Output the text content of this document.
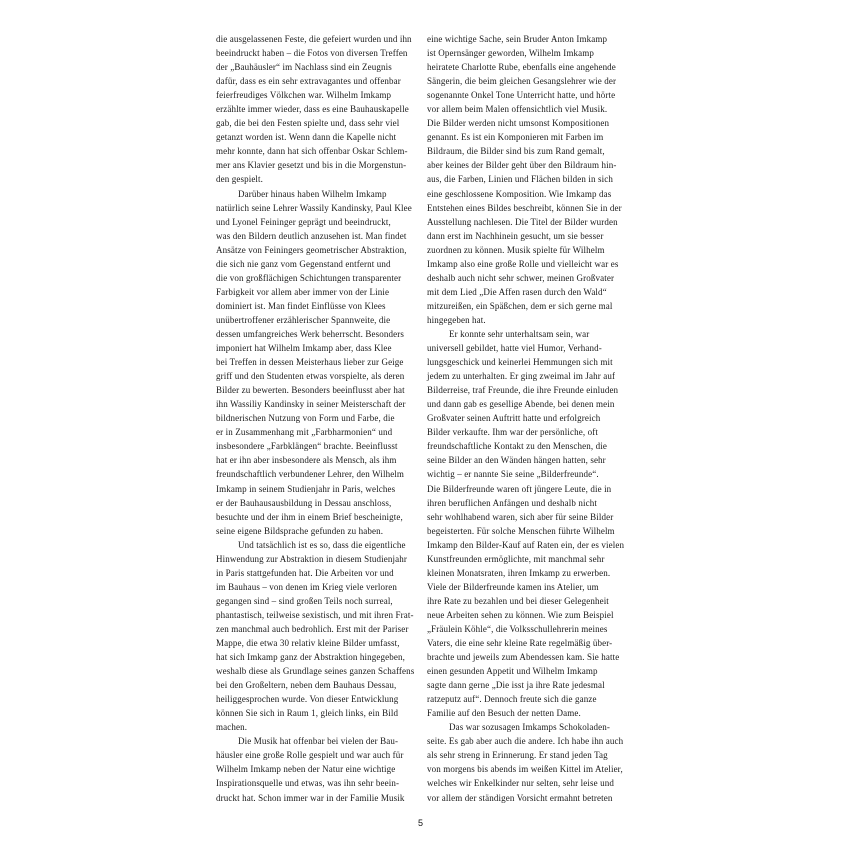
die ausgelassenen Feste, die gefeiert wurden und ihn
beeindruckt haben – die Fotos von diversen Treffen
der „Bauhäusler“ im Nachlass sind ein Zeugnis
dafür, dass es ein sehr extravagantes und offenbar
feierfreudiges Völkchen war. Wilhelm Imkamp
erzählte immer wieder, dass es eine Bauhauskapelle
gab, die bei den Festen spielte und, dass sehr viel
getanzt worden ist. Wenn dann die Kapelle nicht
mehr konnte, dann hat sich offenbar Oskar Schlem-
mer ans Klavier gesetzt und bis in die Morgenstun-
den gespielt.
Darüber hinaus haben Wilhelm Imkamp
natürlich seine Lehrer Wassily Kandinsky, Paul Klee
und Lyonel Feininger geprägt und beeindruckt,
was den Bildern deutlich anzusehen ist. Man findet
Ansätze von Feiningers geometrischer Abstraktion,
die sich nie ganz vom Gegenstand entfernt und
die von großflächigen Schichtungen transparenter
Farbigkeit vor allem aber immer von der Linie
dominiert ist. Man findet Einflüsse von Klees
unübertroffener erzählerischer Spannweite, die
dessen umfangreiches Werk beherrscht. Besonders
imponiert hat Wilhelm Imkamp aber, dass Klee
bei Treffen in dessen Meisterhaus lieber zur Geige
griff und den Studenten etwas vorspielte, als deren
Bilder zu bewerten. Besonders beeinflusst aber hat
ihn Wassiliy Kandinsky in seiner Meisterschaft der
bildnerischen Nutzung von Form und Farbe, die
er in Zusammenhang mit „Farbharmonien“ und
insbesondere „Farbklängen“ brachte. Beeinflusst
hat er ihn aber insbesondere als Mensch, als ihm
freundschaftlich verbundener Lehrer, den Wilhelm
Imkamp in seinem Studienjahr in Paris, welches
er der Bauhausausbildung in Dessau anschloss,
besuchte und der ihm in einem Brief bescheinigte,
seine eigene Bildsprache gefunden zu haben.
Und tatsächlich ist es so, dass die eigentliche
Hinwendung zur Abstraktion in diesem Studienjahr
in Paris stattgefunden hat. Die Arbeiten vor und
im Bauhaus – von denen im Krieg viele verloren
gegangen sind – sind großen Teils noch surreal,
phantastisch, teilweise sexistisch, und mit ihren Frat-
zen manchmal auch bedrohlich. Erst mit der Pariser
Mappe, die etwa 30 relativ kleine Bilder umfasst,
hat sich Imkamp ganz der Abstraktion hingegeben,
weshalb diese als Grundlage seines ganzen Schaffens
bei den Großeltern, neben dem Bauhaus Dessau,
heiliggesprochen wurde. Von dieser Entwicklung
können Sie sich in Raum 1, gleich links, ein Bild
machen.
Die Musik hat offenbar bei vielen der Bau-
häusler eine große Rolle gespielt und war auch für
Wilhelm Imkamp neben der Natur eine wichtige
Inspirationsquelle und etwas, was ihn sehr beein-
druckt hat. Schon immer war in der Familie Musik
eine wichtige Sache, sein Bruder Anton Imkamp
ist Opernsänger geworden, Wilhelm Imkamp
heiratete Charlotte Rube, ebenfalls eine angehende
Sängerin, die beim gleichen Gesangslehrer wie der
sogenannte Onkel Tone Unterricht hatte, und hörte
vor allem beim Malen offensichtlich viel Musik.
Die Bilder werden nicht umsonst Kompositionen
genannt. Es ist ein Komponieren mit Farben im
Bildraum, die Bilder sind bis zum Rand gemalt,
aber keines der Bilder geht über den Bildraum hin-
aus, die Farben, Linien und Flächen bilden in sich
eine geschlossene Komposition. Wie Imkamp das
Entstehen eines Bildes beschreibt, können Sie in der
Ausstellung nachlesen. Die Titel der Bilder wurden
dann erst im Nachhinein gesucht, um sie besser
zuordnen zu können. Musik spielte für Wilhelm
Imkamp also eine große Rolle und vielleicht war es
deshalb auch nicht sehr schwer, meinen Großvater
mit dem Lied „Die Affen rasen durch den Wald“
mitzureißen, ein Späßchen, dem er sich gerne mal
hingegeben hat.
Er konnte sehr unterhaltsam sein, war
universell gebildet, hatte viel Humor, Verhand-
lungsgeschick und keinerlei Hemmungen sich mit
jedem zu unterhalten. Er ging zweimal im Jahr auf
Bilderreise, traf Freunde, die ihre Freunde einluden
und dann gab es gesellige Abende, bei denen mein
Großvater seinen Auftritt hatte und erfolgreich
Bilder verkaufte. Ihm war der persönliche, oft
freundschaftliche Kontakt zu den Menschen, die
seine Bilder an den Wänden hängen hatten, sehr
wichtig – er nannte Sie seine „Bilderfreunde“.
Die Bilderfreunde waren oft jüngere Leute, die in
ihren beruflichen Anfängen und deshalb nicht
sehr wohlhabend waren, sich aber für seine Bilder
begeisterten. Für solche Menschen führte Wilhelm
Imkamp den Bilder-Kauf auf Raten ein, der es vielen
Kunstfreunden ermöglichte, mit manchmal sehr
kleinen Monatsraten, ihren Imkamp zu erwerben.
Viele der Bilderfreunde kamen ins Atelier, um
ihre Rate zu bezahlen und bei dieser Gelegenheit
neue Arbeiten sehen zu können. Wie zum Beispiel
„Fräulein Köhle“, die Volksschullehrerin meines
Vaters, die eine sehr kleine Rate regelmäßig über-
brachte und jeweils zum Abendessen kam. Sie hatte
einen gesunden Appetit und Wilhelm Imkamp
sagte dann gerne „Die isst ja ihre Rate jedesmal
ratzeputz auf“. Dennoch freute sich die ganze
Familie auf den Besuch der netten Dame.
Das war sozusagen Imkamps Schokoladen-
seite. Es gab aber auch die andere. Ich habe ihn auch
als sehr streng in Erinnerung. Er stand jeden Tag
von morgens bis abends im weißen Kittel im Atelier,
welches wir Enkelkinder nur selten, sehr leise und
vor allem der ständigen Vorsicht ermahnt betreten
5
